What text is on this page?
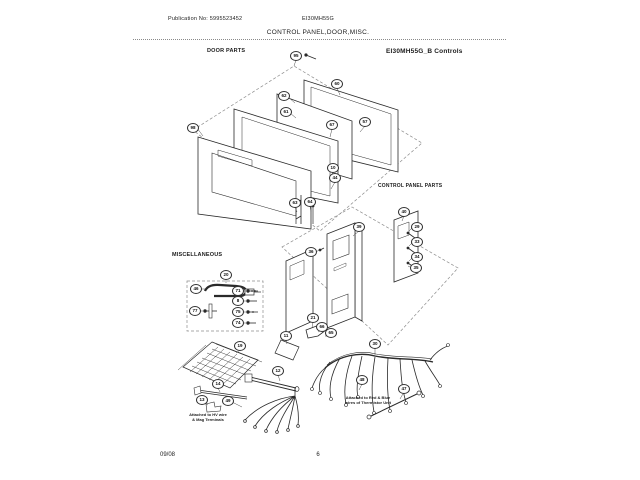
Publication No: 5995523452	EI30MH55G
CONTROL PANEL,DOOR,MISC.
DOOR PARTS	EI30MH55G_B Controls
CONTROL PANEL PARTS
MISCELLANEOUS
95
60
98
62
61
67
57
10
44
63	64
39
36
40
29
33
34
35
21
66
65
20
46	71
8
75
74
77
19
11
12
14
13	49
30
48
47
Attached to HV wire
& Mag Terminals
Attached to Red & Blue
wires of Thermistor Unit
09/08	6
